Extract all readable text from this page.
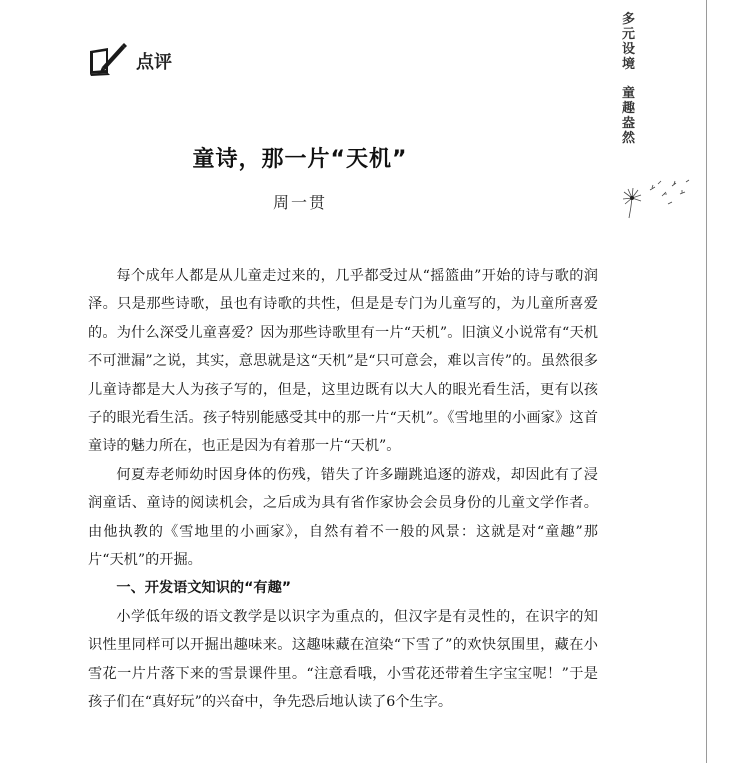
点评
多
元
设
境
童
趣
盎
然
童诗，那一片“天机”
周一贯

每个成年人都是从儿童走过来的，几乎都受过从“摇篮曲”开始的诗与歌的润泽。只是那些诗歌，虽也有诗歌的共性，但是是专门为儿童写的，为儿童所喜爱的。为什么深受儿童喜爱？因为那些诗歌里有一片“天机”。旧演义小说常有“天机不可泄漏”之说，其实，意思就是这“天机”是“只可意会，难以言传”的。虽然很多儿童诗都是大人为孩子写的，但是，这里边既有以大人的眼光看生活，更有以孩子的眼光看生活。孩子特别能感受其中的那一片“天机”。《雪地里的小画家》这首童诗的魅力所在，也正是因为有着那一片“天机”。

何夏寿老师幼时因身体的伤残，错失了许多蹦跳追逐的游戏，却因此有了浸润童话、童诗的阅读机会，之后成为具有省作家协会会员身份的儿童文学作者。由他执教的《雪地里的小画家》，自然有着不一般的风景：这就是对“童趣”那片“天机”的开掘。

一、开发语文知识的“有趣”

小学低年级的语文教学是以识字为重点的，但汉字是有灵性的，在识字的知识性里同样可以开掘出趣味来。这趣味藏在渲染“下雪了”的欢快氛围里，藏在小雪花一片片落下来的雪景课件里。“注意看哦，小雪花还带着生字宝宝呢！”于是孩子们在“真好玩”的兴奋中，争先恐后地认读了6个生字。
